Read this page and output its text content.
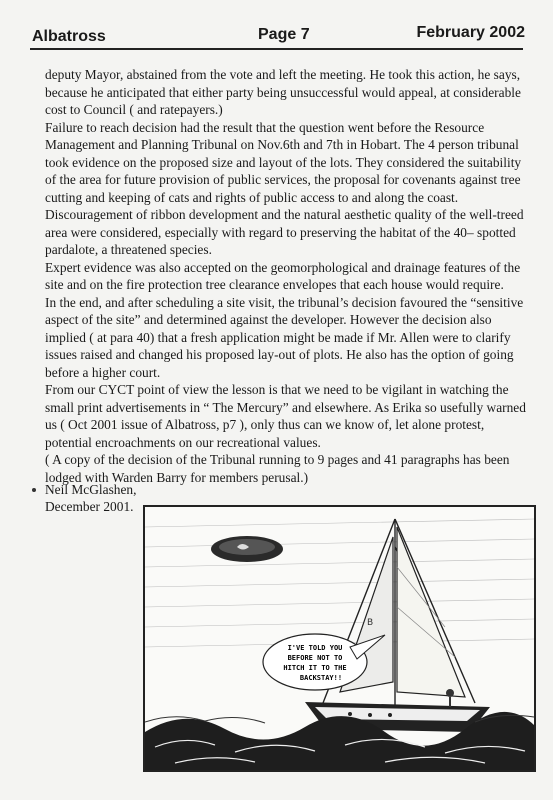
Albatross	Page 7	February 2002

deputy Mayor, abstained from the vote and left the meeting. He took this action, he says, because he anticipated that either party being unsuccessful would appeal, at considerable cost to Council ( and ratepayers.)

Failure to reach decision had the result that the question went before the Resource Management and Planning Tribunal on Nov.6th and 7th in Hobart. The 4 person tribunal took evidence on the proposed size and layout of the lots. They considered the suitability of the area for future provision of public services, the proposal for covenants against tree cutting and keeping of cats and rights of public access to and along the coast. Discouragement of ribbon development and the natural aesthetic quality of the well-treed area were considered, especially with regard to preserving the habitat of the 40– spotted pardalote, a threatened species.

Expert evidence was also accepted on the geomorphological and drainage features of the site and on the fire protection tree clearance envelopes that each house would require.

In the end, and after scheduling a site visit, the tribunal’s decision favoured the “sensitive aspect of the site” and determined against the developer. However the decision also implied ( at para 40) that a fresh application might be made if Mr. Allen were to clarify issues raised and changed his proposed lay-out of plots. He also has the option of going before a higher court.

From our CYCT point of view the lesson is that we need to be vigilant in watching the small print advertisements in “ The Mercury” and elsewhere. As Erika so usefully warned us ( Oct 2001 issue of Albatross, p7 ), only thus can we know of, let alone protest, potential encroachments on our recreational values.

( A copy of the decision of the Tribunal running to 9 pages and 41 paragraphs has been lodged with Warden Barry for members perusal.)

Neil McGlashen,
December 2001.
B
I'VE TOLD YOU
BEFORE NOT TO
HITCH IT TO THE
BACKSTAY!!
